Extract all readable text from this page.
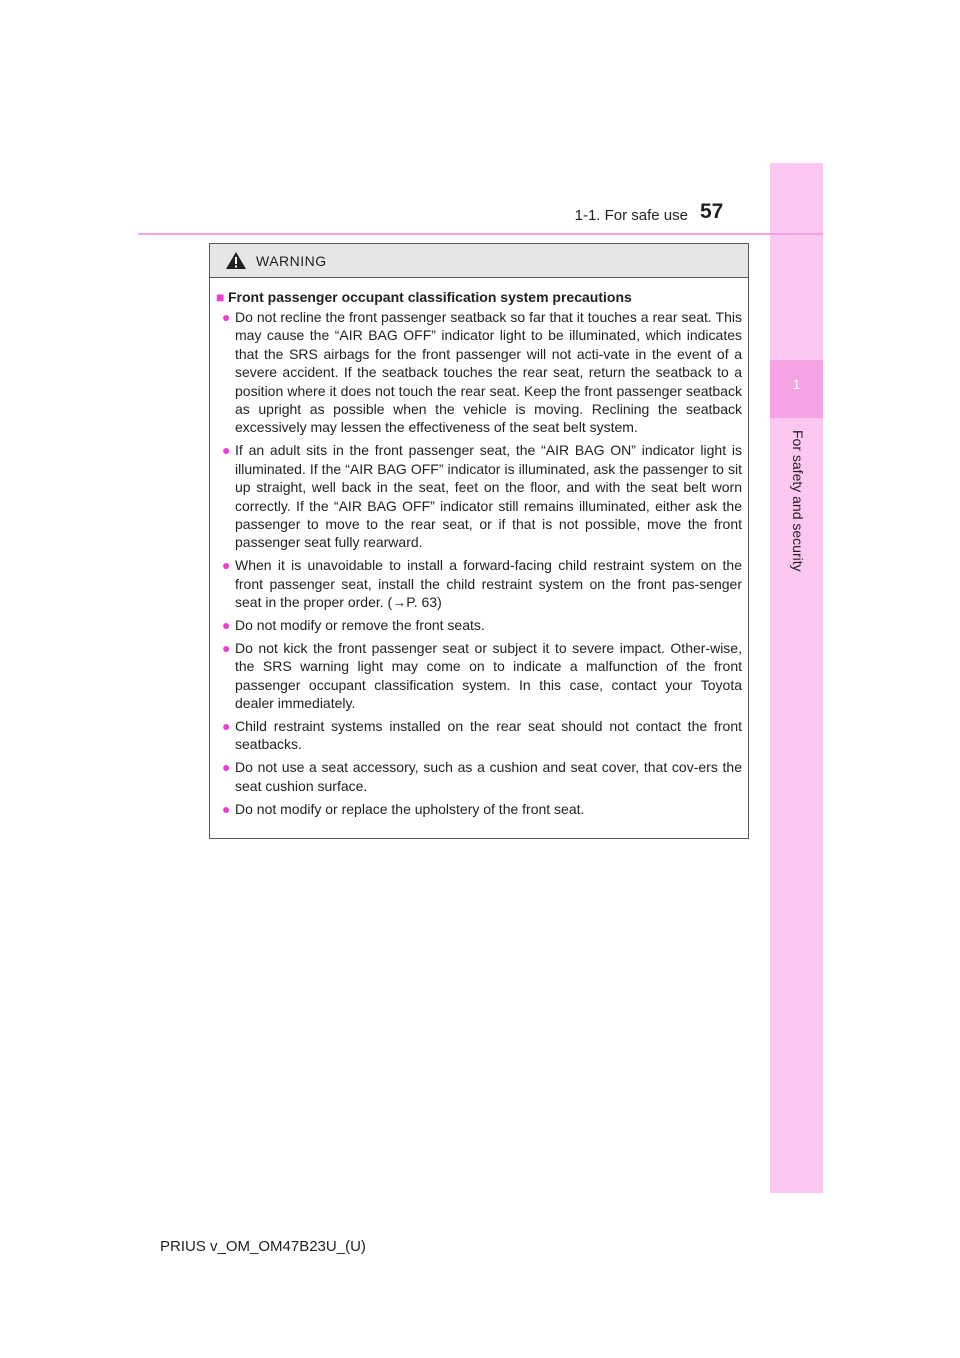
1
For safety and security
1-1. For safe use 57
WARNING
■ Front passenger occupant classification system precautions
● Do not recline the front passenger seatback so far that it touches a rear seat. This may cause the “AIR BAG OFF” indicator light to be illuminated, which indicates that the SRS airbags for the front passenger will not acti-vate in the event of a severe accident. If the seatback touches the rear seat, return the seatback to a position where it does not touch the rear seat. Keep the front passenger seatback as upright as possible when the vehicle is moving. Reclining the seatback excessively may lessen the effectiveness of the seat belt system.
● If an adult sits in the front passenger seat, the “AIR BAG ON” indicator light is illuminated. If the “AIR BAG OFF” indicator is illuminated, ask the passenger to sit up straight, well back in the seat, feet on the floor, and with the seat belt worn correctly. If the “AIR BAG OFF” indicator still remains illuminated, either ask the passenger to move to the rear seat, or if that is not possible, move the front passenger seat fully rearward.
● When it is unavoidable to install a forward-facing child restraint system on the front passenger seat, install the child restraint system on the front pas-senger seat in the proper order. (→P. 63)
● Do not modify or remove the front seats.
● Do not kick the front passenger seat or subject it to severe impact. Other-wise, the SRS warning light may come on to indicate a malfunction of the front passenger occupant classification system. In this case, contact your Toyota dealer immediately.
● Child restraint systems installed on the rear seat should not contact the front seatbacks.
● Do not use a seat accessory, such as a cushion and seat cover, that cov-ers the seat cushion surface.
● Do not modify or replace the upholstery of the front seat.
PRIUS v_OM_OM47B23U_(U)
